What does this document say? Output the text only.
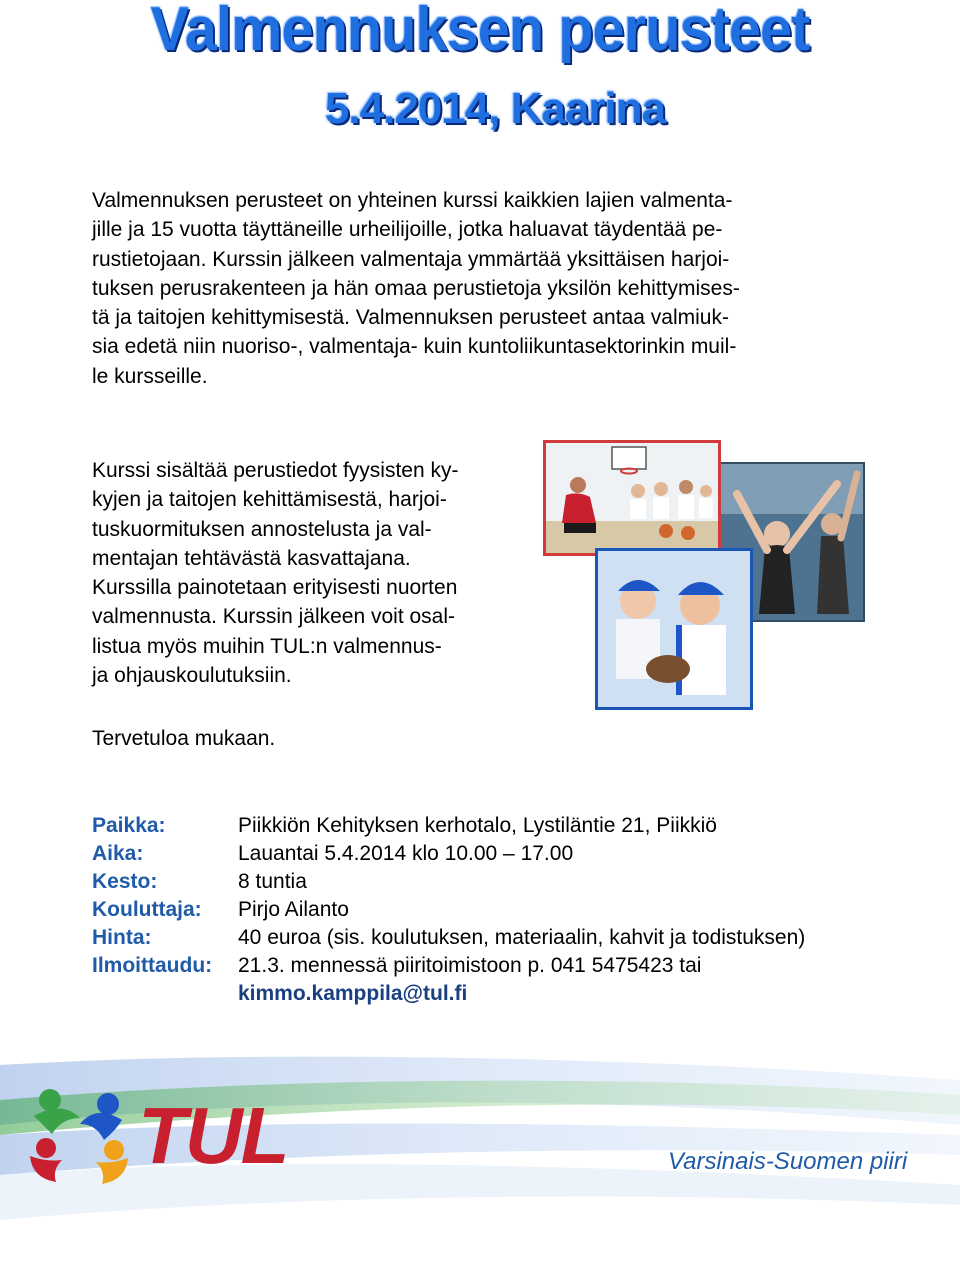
Valmennuksen perusteet
5.4.2014, Kaarina
Valmennuksen perusteet on yhteinen kurssi kaikkien lajien valmenta-
jille ja 15 vuotta täyttäneille urheilijoille, jotka haluavat täydentää pe-
rustietojaan. Kurssin jälkeen valmentaja ymmärtää yksittäisen harjoi-
tuksen perusrakenteen ja hän omaa perustietoja yksilön kehittymises-
tä ja taitojen kehittymisestä. Valmennuksen perusteet antaa valmiuk-
sia edetä niin nuoriso-, valmentaja- kuin kuntoliikuntasektorinkin muil-
le kursseille.
Kurssi sisältää perustiedot fyysisten ky-
kyjen ja taitojen kehittämisestä, harjoi-
tuskuormituksen annostelusta ja val-
mentajan tehtävästä kasvattajana.
Kurssilla painotetaan erityisesti nuorten
valmennusta. Kurssin jälkeen voit osal-
listua myös muihin TUL:n valmennus-
ja ohjauskoulutuksiin.
Tervetuloa mukaan.
Paikka:	Piikkiön Kehityksen kerhotalo, Lystiläntie 21, Piikkiö
Aika:	Lauantai 5.4.2014 klo 10.00 – 17.00
Kesto:	8 tuntia
Kouluttaja: Pirjo Ailanto
Hinta:	40 euroa (sis. koulutuksen, materiaalin, kahvit ja todistuksen)
Ilmoittaudu: 21.3. mennessä piiritoimistoon p. 041 5475423 tai
kimmo.kamppila@tul.fi
TUL	Varsinais-Suomen piiri
